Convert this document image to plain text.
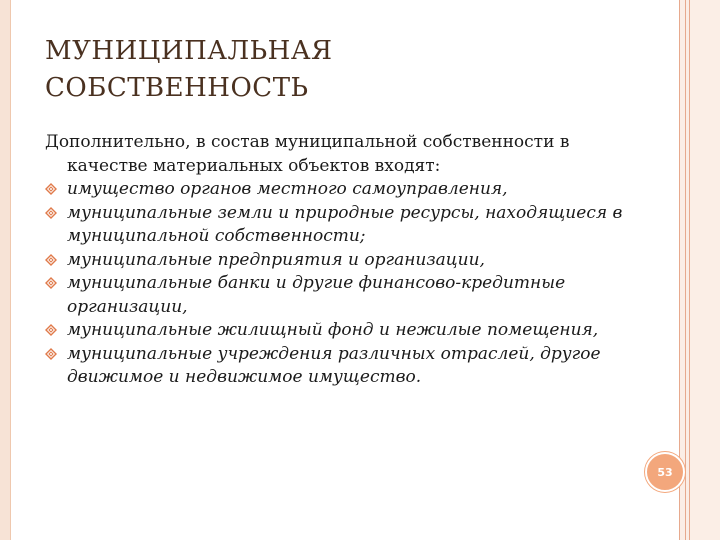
МУНИЦИПАЛЬНАЯ
СОБСТВЕННОСТЬ

Дополнительно, в состав муниципальной собственности в качестве материальных объектов входят:

имущество органов местного самоуправления,
муниципальные земли и природные ресурсы, находящиеся в муниципальной собственности;
муниципальные предприятия и организации,
муниципальные банки и другие финансово-кредитные организации,
муниципальные жилищный фонд и нежилые помещения,
муниципальные учреждения различных отраслей, другое движимое и недвижимое имущество.
53
